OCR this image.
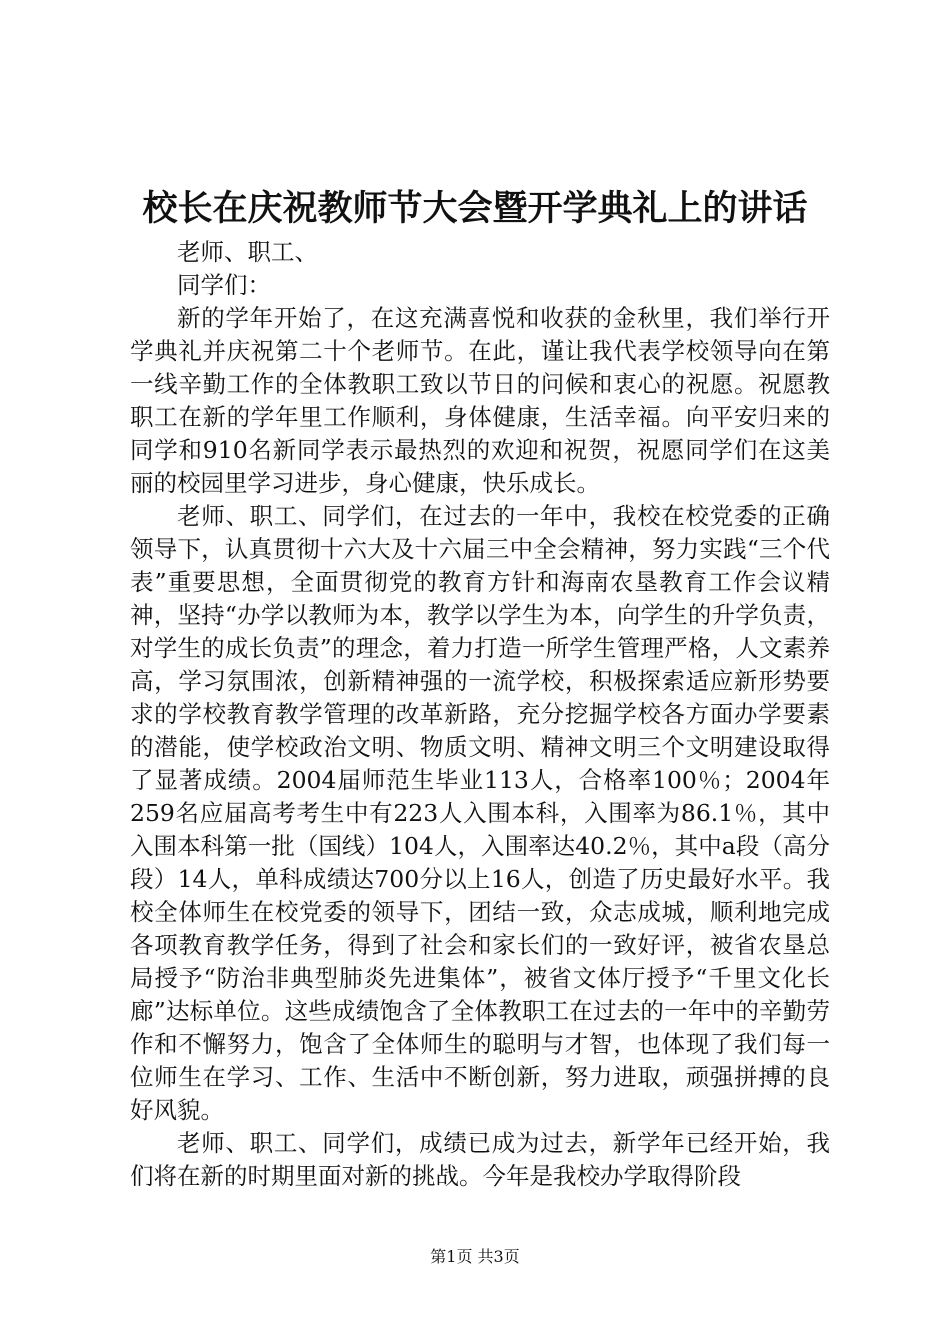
校长在庆祝教师节大会暨开学典礼上的讲话

老师、职工、

同学们：

新的学年开始了，在这充满喜悦和收获的金秋里，我们举行开学典礼并庆祝第二十个老师节。在此，谨让我代表学校领导向在第一线辛勤工作的全体教职工致以节日的问候和衷心的祝愿。祝愿教职工在新的学年里工作顺利，身体健康，生活幸福。向平安归来的同学和910名新同学表示最热烈的欢迎和祝贺，祝愿同学们在这美丽的校园里学习进步，身心健康，快乐成长。

老师、职工、同学们，在过去的一年中，我校在校党委的正确领导下，认真贯彻十六大及十六届三中全会精神，努力实践“三个代表”重要思想，全面贯彻党的教育方针和海南农垦教育工作会议精神，坚持“办学以教师为本，教学以学生为本，向学生的升学负责，对学生的成长负责”的理念，着力打造一所学生管理严格，人文素养高，学习氛围浓，创新精神强的一流学校，积极探索适应新形势要求的学校教育教学管理的改革新路，充分挖掘学校各方面办学要素的潜能，使学校政治文明、物质文明、精神文明三个文明建设取得了显著成绩。2004届师范生毕业113人，合格率100％；2004年259名应届高考考生中有223人入围本科，入围率为86.1％，其中入围本科第一批（国线）104人，入围率达40.2％，其中a段（高分段）14人，单科成绩达700分以上16人，创造了历史最好水平。我校全体师生在校党委的领导下，团结一致，众志成城，顺利地完成各项教育教学任务，得到了社会和家长们的一致好评，被省农垦总局授予“防治非典型肺炎先进集体”，被省文体厅授予“千里文化长廊”达标单位。这些成绩饱含了全体教职工在过去的一年中的辛勤劳作和不懈努力，饱含了全体师生的聪明与才智，也体现了我们每一位师生在学习、工作、生活中不断创新，努力进取，顽强拼搏的良好风貌。

老师、职工、同学们，成绩已成为过去，新学年已经开始，我们将在新的时期里面对新的挑战。今年是我校办学取得阶段

第1页 共3页
